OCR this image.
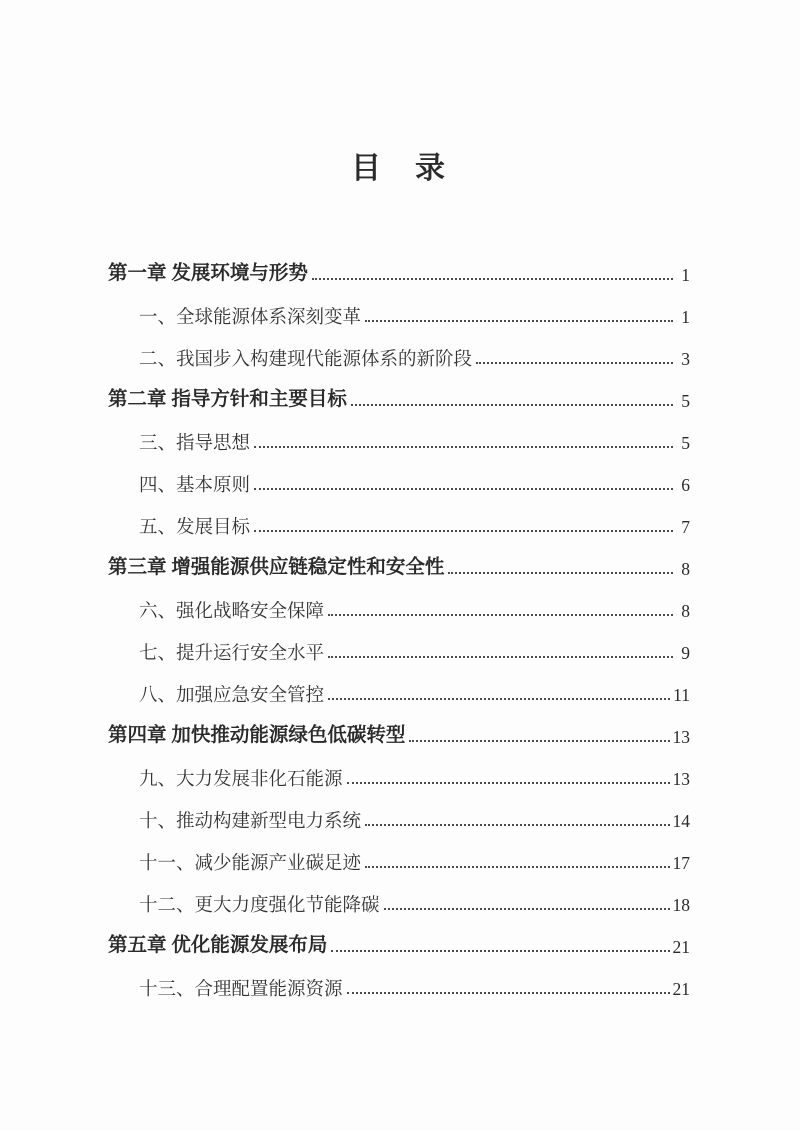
目　录
第一章 发展环境与形势	1
一、全球能源体系深刻变革	1
二、我国步入构建现代能源体系的新阶段	3
第二章 指导方针和主要目标	5
三、指导思想	5
四、基本原则	6
五、发展目标	7
第三章 增强能源供应链稳定性和安全性	8
六、强化战略安全保障	8
七、提升运行安全水平	9
八、加强应急安全管控	11
第四章 加快推动能源绿色低碳转型	13
九、大力发展非化石能源	13
十、推动构建新型电力系统	14
十一、减少能源产业碳足迹	17
十二、更大力度强化节能降碳	18
第五章 优化能源发展布局	21
十三、合理配置能源资源	21
